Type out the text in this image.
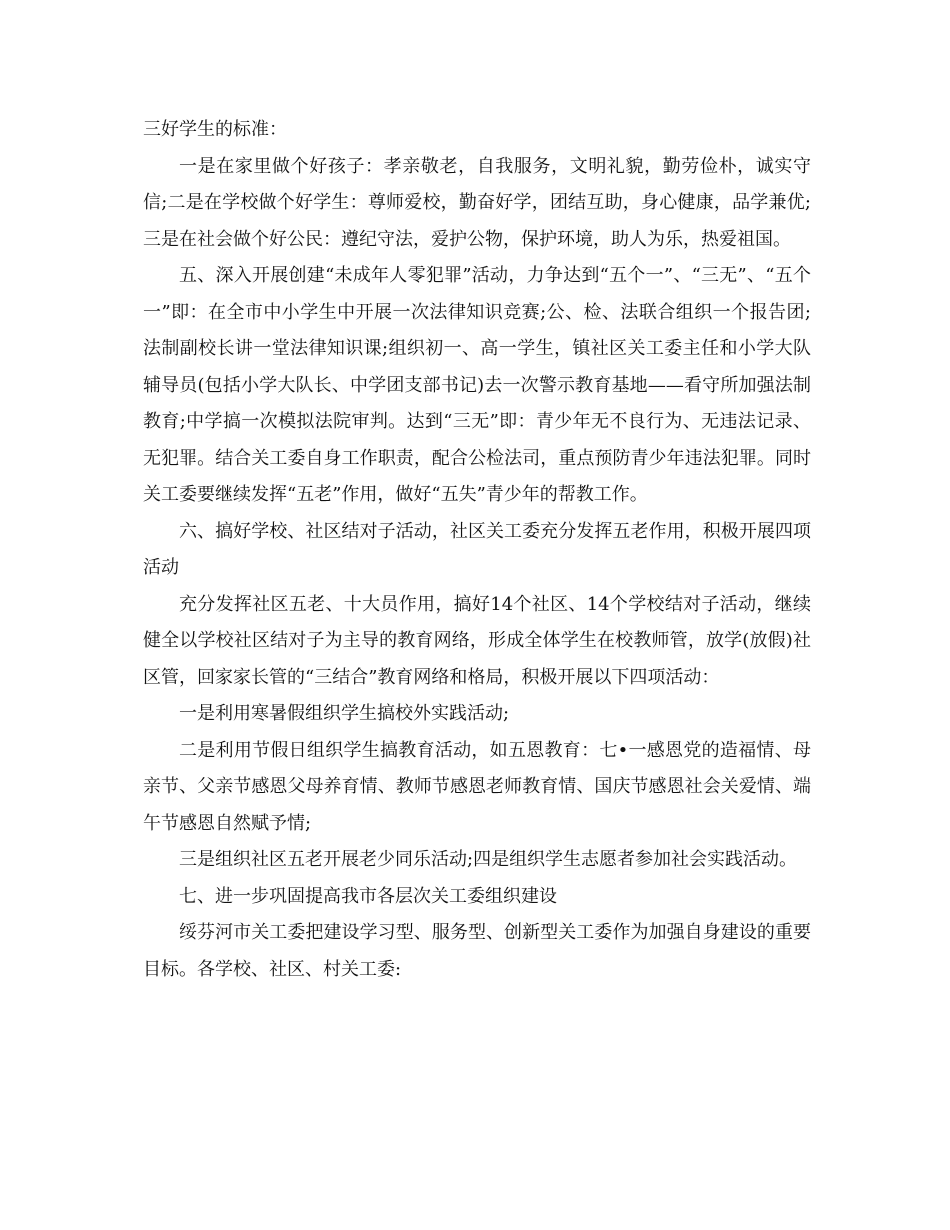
三好学生的标准：

一是在家里做个好孩子：孝亲敬老，自我服务，文明礼貌，勤劳俭朴，诚实守信;二是在学校做个好学生：尊师爱校，勤奋好学，团结互助，身心健康，品学兼优;三是在社会做个好公民：遵纪守法，爱护公物，保护环境，助人为乐，热爱祖国。

五、深入开展创建“未成年人零犯罪”活动，力争达到“五个一”、“三无”、“五个一”即：在全市中小学生中开展一次法律知识竞赛;公、检、法联合组织一个报告团;法制副校长讲一堂法律知识课;组织初一、高一学生，镇社区关工委主任和小学大队辅导员(包括小学大队长、中学团支部书记)去一次警示教育基地——看守所加强法制教育;中学搞一次模拟法院审判。达到“三无”即：青少年无不良行为、无违法记录、无犯罪。结合关工委自身工作职责，配合公检法司，重点预防青少年违法犯罪。同时关工委要继续发挥“五老”作用，做好“五失”青少年的帮教工作。

六、搞好学校、社区结对子活动，社区关工委充分发挥五老作用，积极开展四项活动

充分发挥社区五老、十大员作用，搞好14个社区、14个学校结对子活动，继续健全以学校社区结对子为主导的教育网络，形成全体学生在校教师管，放学(放假)社区管，回家家长管的“三结合”教育网络和格局，积极开展以下四项活动：

一是利用寒暑假组织学生搞校外实践活动;

二是利用节假日组织学生搞教育活动，如五恩教育：七•一感恩党的造福情、母亲节、父亲节感恩父母养育情、教师节感恩老师教育情、国庆节感恩社会关爱情、端午节感恩自然赋予情;

三是组织社区五老开展老少同乐活动;四是组织学生志愿者参加社会实践活动。

七、进一步巩固提高我市各层次关工委组织建设

绥芬河市关工委把建设学习型、服务型、创新型关工委作为加强自身建设的重要目标。各学校、社区、村关工委:
